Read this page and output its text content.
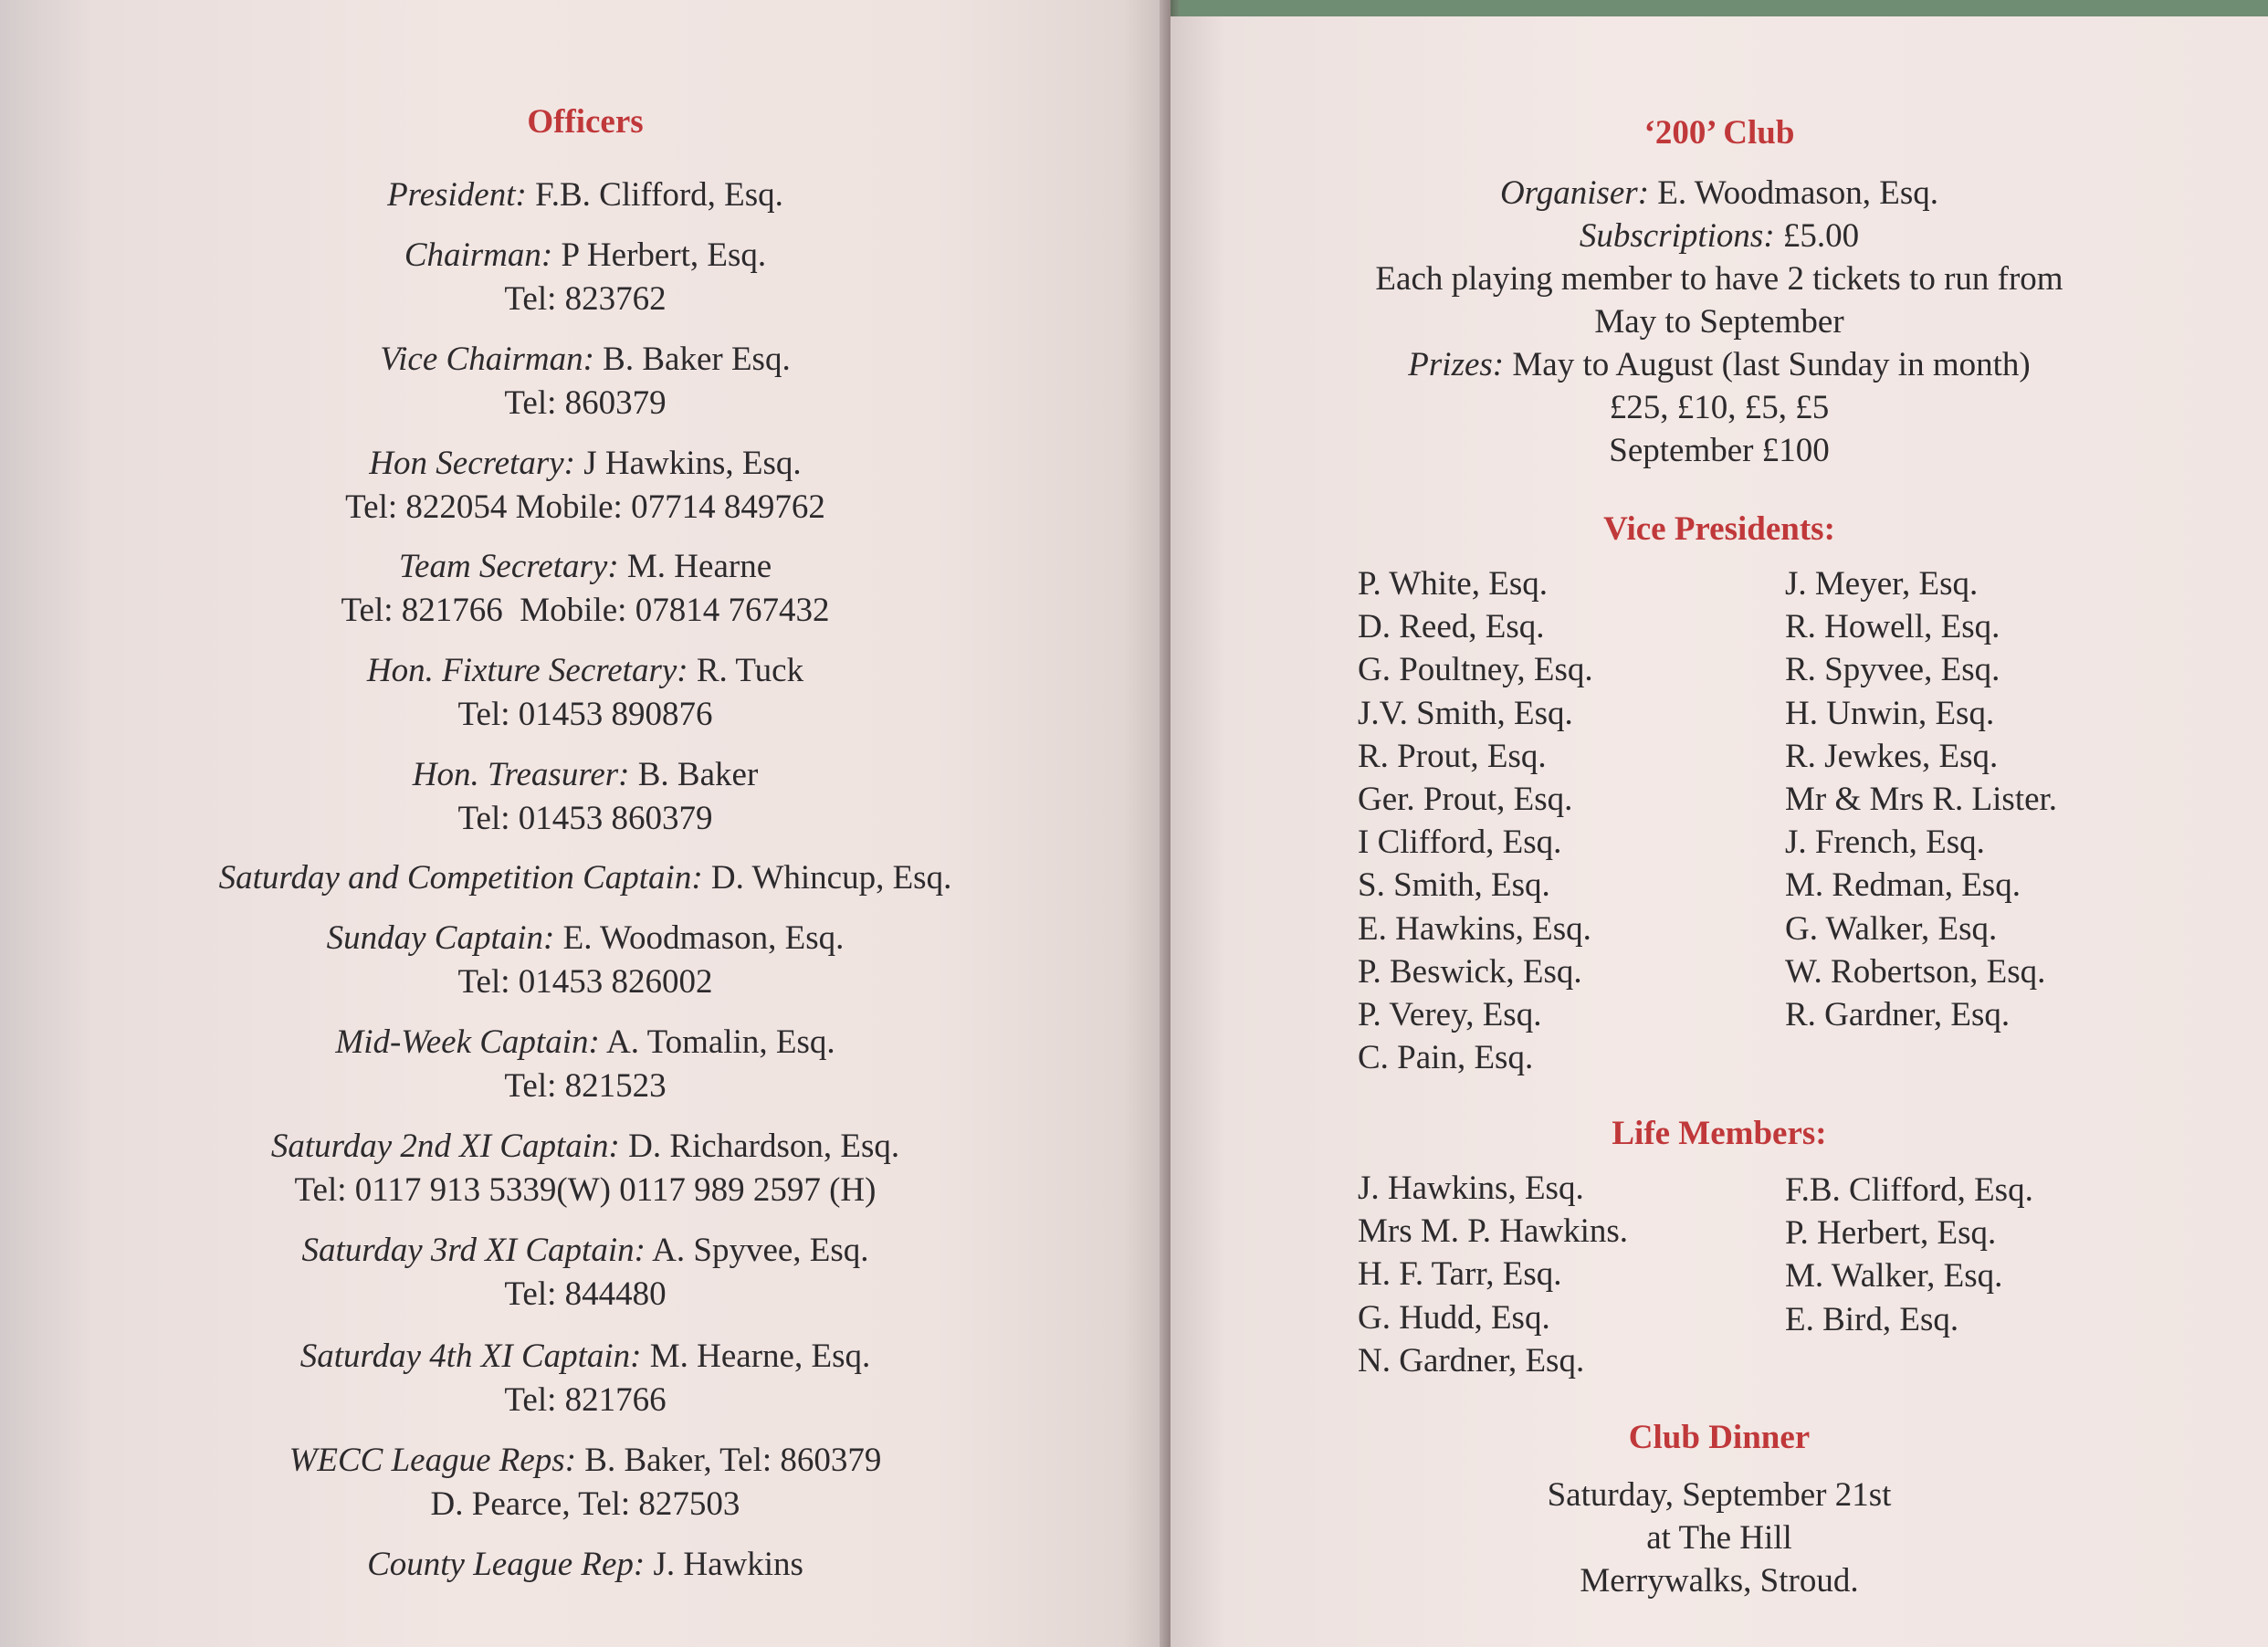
Officers
President: F.B. Clifford, Esq.
Chairman: P Herbert, Esq.
Tel: 823762
Vice Chairman: B. Baker Esq.
Tel: 860379
Hon Secretary: J Hawkins, Esq.
Tel: 822054 Mobile: 07714 849762
Team Secretary: M. Hearne
Tel: 821766  Mobile: 07814 767432
Hon. Fixture Secretary: R. Tuck
Tel: 01453 890876
Hon. Treasurer: B. Baker
Tel: 01453 860379
Saturday and Competition Captain: D. Whincup, Esq.
Sunday Captain: E. Woodmason, Esq.
Tel: 01453 826002
Mid-Week Captain: A. Tomalin, Esq.
Tel: 821523
Saturday 2nd XI Captain: D. Richardson, Esq.
Tel: 0117 913 5339(W) 0117 989 2597 (H)
Saturday 3rd XI Captain: A. Spyvee, Esq.
Tel: 844480
Saturday 4th XI Captain: M. Hearne, Esq.
Tel: 821766
WECC League Reps: B. Baker, Tel: 860379
D. Pearce, Tel: 827503
County League Rep: J. Hawkins
‘200’ Club
Organiser: E. Woodmason, Esq.
Subscriptions: £5.00
Each playing member to have 2 tickets to run from
May to September
Prizes: May to August (last Sunday in month)
£25, £10, £5, £5
September £100
Vice Presidents:
P. White, Esq.
D. Reed, Esq.
G. Poultney, Esq.
J.V. Smith, Esq.
R. Prout, Esq.
Ger. Prout, Esq.
I Clifford, Esq.
S. Smith, Esq.
E. Hawkins, Esq.
P. Beswick, Esq.
P. Verey, Esq.
C. Pain, Esq.
J. Meyer, Esq.
R. Howell, Esq.
R. Spyvee, Esq.
H. Unwin, Esq.
R. Jewkes, Esq.
Mr & Mrs R. Lister.
J. French, Esq.
M. Redman, Esq.
G. Walker, Esq.
W. Robertson, Esq.
R. Gardner, Esq.
Life Members:
J. Hawkins, Esq.
Mrs M. P. Hawkins.
H. F. Tarr, Esq.
G. Hudd, Esq.
N. Gardner, Esq.
F.B. Clifford, Esq.
P. Herbert, Esq.
M. Walker, Esq.
E. Bird, Esq.
Club Dinner
Saturday, September 21st
at The Hill
Merrywalks, Stroud.
